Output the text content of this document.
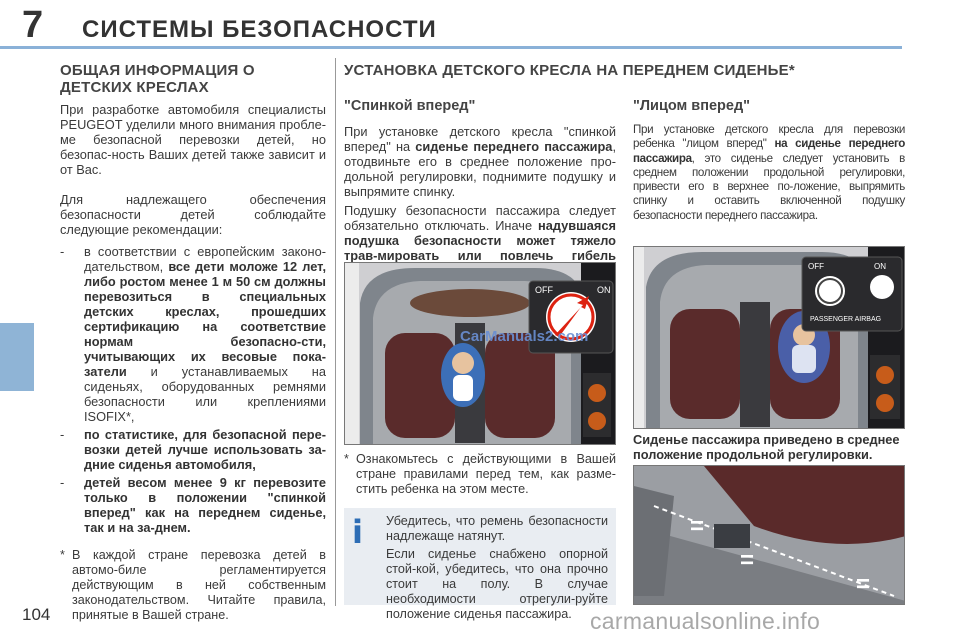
7 СИСТЕМЫ БЕЗОПАСНОСТИ
ОБЩАЯ ИНФОРМАЦИЯ О ДЕТСКИХ КРЕСЛАХ

При разработке автомобиля специалисты PEUGEOT уделили много внимания пробле-ме безопасной перевозки детей, но безопас-ность Ваших детей также зависит и от Вас.

Для надлежащего обеспечения безопасности детей соблюдайте следующие рекомендации:

- в соответствии с европейским законо-дательством, все дети моложе 12 лет, либо ростом менее 1 м 50 см должны перевозиться в специальных детских креслах, прошедших сертификацию на соответствие нормам безопасно-сти, учитывающих их весовые пока-затели и устанавливаемых на сиденьях, оборудованных ремнями безопасности или креплениями ISOFIX*,
- по статистике, для безопасной пере-возки детей лучше использовать за-дние сиденья автомобиля,
- детей весом менее 9 кг перевозите только в положении "спинкой вперед" как на переднем сиденье, так и на за-днем.
* В каждой стране перевозка детей в автомо-биле регламентируется действующим в ней собственным законодательством. Читайте правила, принятые в Вашей стране.
УСТАНОВКА ДЕТСКОГО КРЕСЛА НА ПЕРЕДНЕМ СИДЕНЬЕ*
"Спинкой вперед"

При установке детского кресла "спинкой вперед" на сиденье переднего пассажира, отодвиньте его в среднее положение про-дольной регулировки, поднимите подушку и выпрямите спинку.

Подушку безопасности пассажира следует обязательно отключать. Иначе надувшаяся подушка безопасности может тяжело трав-мировать или повлечь гибель

OFF	ON
CarManuals2.com
* Ознакомьтесь с действующими в Вашей стране правилами перед тем, как разме-стить ребенка на этом месте.
i Убедитесь, что ремень безопасности надлежаще натянут.

Если сиденье снабжено опорной стой-кой, убедитесь, что она прочно стоит на полу. В случае необходимости отрегули-руйте положение сиденья пассажира.

"Лицом вперед"

При установке детского кресла для перевозки ребенка "лицом вперед" на сиденье переднего пассажира, это сиденье следует установить в среднем положении продольной регулировки, привести его в верхнее по-ложение, выпрямить спинку и оставить включенной подушку безопасности переднего пассажира.

OFF	ON
PASSENGER AIRBAG
Сиденье пассажира приведено в среднее положение продольной регулировки.
=
=
=
104	carmanualsonline.info
